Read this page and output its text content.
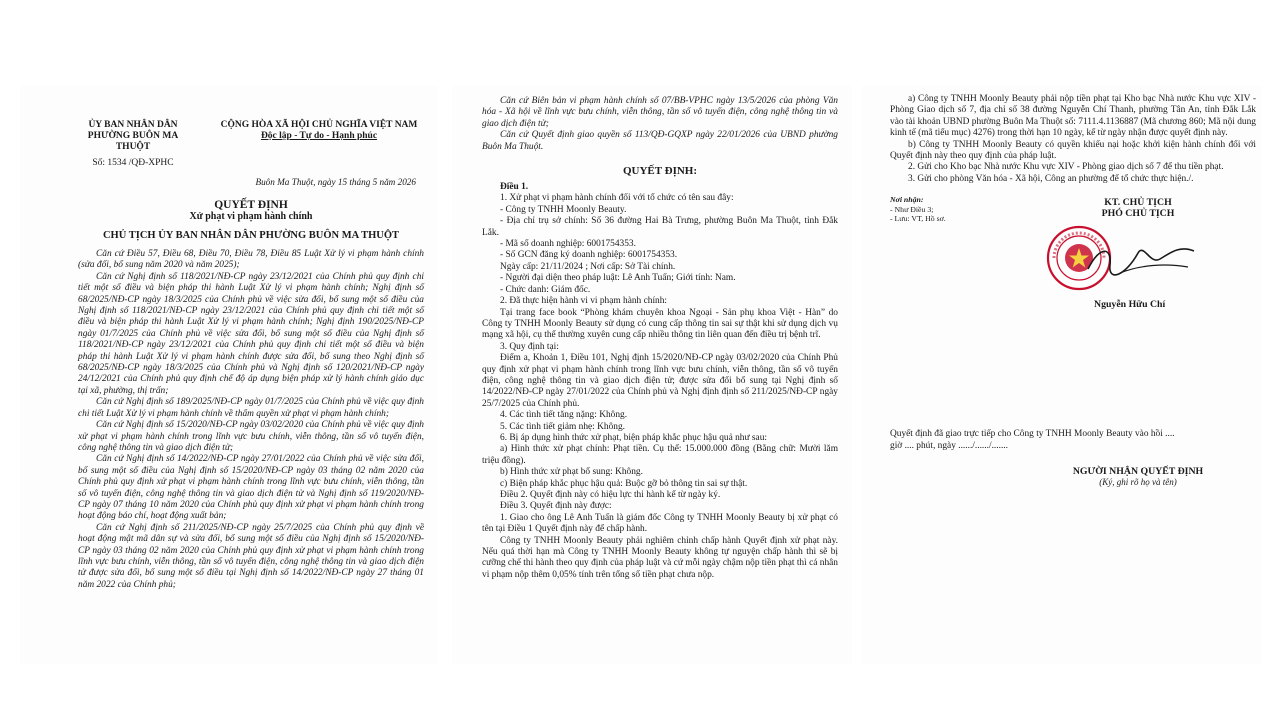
ỦY BAN NHÂN DÂN

PHƯỜNG BUÔN MA THUỘT

Số: 1534 /QĐ-XPHC

CỘNG HÒA XÃ HỘI CHỦ NGHĨA VIỆT NAM

Độc lập - Tự do - Hạnh phúc

Buôn Ma Thuột, ngày 15 tháng 5 năm 2026

QUYẾT ĐỊNH

Xử phạt vi phạm hành chính

CHỦ TỊCH ỦY BAN NHÂN DÂN PHƯỜNG BUÔN MA THUỘT

Căn cứ Điều 57, Điều 68, Điều 70, Điều 78, Điều 85 Luật Xử lý vi phạm hành chính (sửa đổi, bổ sung năm 2020 và năm 2025);

Căn cứ Nghị định số 118/2021/NĐ-CP ngày 23/12/2021 của Chính phủ quy định chi tiết một số điều và biện pháp thi hành Luật Xử lý vi phạm hành chính; Nghị định số 68/2025/NĐ-CP ngày 18/3/2025 của Chính phủ về việc sửa đổi, bổ sung một số điều của Nghị định số 118/2021/NĐ-CP ngày 23/12/2021 của Chính phủ quy định chi tiết một số điều và biện pháp thi hành Luật Xử lý vi phạm hành chính; Nghị định 190/2025/NĐ-CP ngày 01/7/2025 của Chính phủ về việc sửa đổi, bổ sung một số điều của Nghị định số 118/2021/NĐ-CP ngày 23/12/2021 của Chính phủ quy định chi tiết một số điều và biện pháp thi hành Luật Xử lý vi phạm hành chính được sửa đổi, bổ sung theo Nghị định số 68/2025/NĐ-CP ngày 18/3/2025 của Chính phủ và Nghị định số 120/2021/NĐ-CP ngày 24/12/2021 của Chính phủ quy định chế độ áp dụng biện pháp xử lý hành chính giáo dục tại xã, phường, thị trấn;

Căn cứ Nghị định số 189/2025/NĐ-CP ngày 01/7/2025 của Chính phủ về việc quy định chi tiết Luật Xử lý vi phạm hành chính về thẩm quyền xử phạt vi phạm hành chính;

Căn cứ Nghị định số 15/2020/NĐ-CP ngày 03/02/2020 của Chính phủ về việc quy định xử phạt vi phạm hành chính trong lĩnh vực bưu chính, viễn thông, tần số vô tuyến điện, công nghệ thông tin và giao dịch điện tử;

Căn cứ Nghị định số 14/2022/NĐ-CP ngày 27/01/2022 của Chính phủ về việc sửa đổi, bổ sung một số điều của Nghị định số 15/2020/NĐ-CP ngày 03 tháng 02 năm 2020 của Chính phủ quy định xử phạt vi phạm hành chính trong lĩnh vực bưu chính, viễn thông, tần số vô tuyến điện, công nghệ thông tin và giao dịch điện tử và Nghị định số 119/2020/NĐ-CP ngày 07 tháng 10 năm 2020 của Chính phủ quy định xử phạt vi phạm hành chính trong hoạt động báo chí, hoạt động xuất bản;

Căn cứ Nghị định số 211/2025/NĐ-CP ngày 25/7/2025 của Chính phủ quy định về hoạt động mật mã dân sự và sửa đổi, bổ sung một số điều của Nghị định số 15/2020/NĐ-CP ngày 03 tháng 02 năm 2020 của Chính phủ quy định xử phạt vi phạm hành chính trong lĩnh vực bưu chính, viễn thông, tần số vô tuyến điện, công nghệ thông tin và giao dịch điện tử được sửa đổi, bổ sung một số điều tại Nghị định số 14/2022/NĐ-CP ngày 27 tháng 01 năm 2022 của Chính phủ;

Căn cứ Biên bản vi phạm hành chính số 07/BB-VPHC ngày 13/5/2026 của phòng Văn hóa - Xã hội về lĩnh vực bưu chính, viễn thông, tần số vô tuyến điện, công nghệ thông tin và giao dịch điện tử;

Căn cứ Quyết định giao quyền số 113/QĐ-GQXP ngày 22/01/2026 của UBND phường Buôn Ma Thuột.

QUYẾT ĐỊNH:

Điều 1.

1. Xử phạt vi phạm hành chính đối với tổ chức có tên sau đây:

- Công ty TNHH Moonly Beauty.

- Địa chỉ trụ sở chính: Số 36 đường Hai Bà Trưng, phường Buôn Ma Thuột, tỉnh Đắk Lắk.

- Mã số doanh nghiệp: 6001754353.

- Số GCN đăng ký doanh nghiệp: 6001754353.

Ngày cấp: 21/11/2024 ; Nơi cấp: Sở Tài chính.

- Người đại diện theo pháp luật: Lê Anh Tuấn; Giới tính: Nam.

- Chức danh: Giám đốc.

2. Đã thực hiện hành vi vi phạm hành chính:

Tại trang face book “Phòng khám chuyên khoa Ngoại - Sản phụ khoa Việt - Hàn” do Công ty TNHH Moonly Beauty sử dụng có cung cấp thông tin sai sự thật khi sử dụng dịch vụ mạng xã hội, cụ thể thường xuyên cung cấp nhiều thông tin liên quan đến điều trị bệnh trĩ.

3. Quy định tại:

Điểm a, Khoản 1, Điều 101, Nghị định 15/2020/NĐ-CP ngày 03/02/2020 của Chính Phủ quy định xử phạt vi phạm hành chính trong lĩnh vực bưu chính, viễn thông, tần số vô tuyến điện, công nghệ thông tin và giao dịch điện tử; được sửa đổi bổ sung tại Nghị định số 14/2022/NĐ-CP ngày 27/01/2022 của Chính phủ và Nghị định định số 211/2025/NĐ-CP ngày 25/7/2025 của Chính phủ.

4. Các tình tiết tăng nặng: Không.

5. Các tình tiết giảm nhẹ: Không.

6. Bị áp dụng hình thức xử phạt, biện pháp khắc phục hậu quả như sau:

a) Hình thức xử phạt chính: Phạt tiền. Cụ thể: 15.000.000 đồng (Bằng chữ: Mười lăm triệu đồng).

b) Hình thức xử phạt bổ sung: Không.

c) Biện pháp khắc phục hậu quả: Buộc gỡ bỏ thông tin sai sự thật.

Điều 2. Quyết định này có hiệu lực thi hành kể từ ngày ký.

Điều 3. Quyết định này được:

1. Giao cho ông Lê Anh Tuấn là giám đốc Công ty TNHH Moonly Beauty bị xử phạt có tên tại Điều 1 Quyết định này để chấp hành.

Công ty TNHH Moonly Beauty phải nghiêm chỉnh chấp hành Quyết định xử phạt này. Nếu quá thời hạn mà Công ty TNHH Moonly Beauty không tự nguyện chấp hành thì sẽ bị cưỡng chế thi hành theo quy định của pháp luật và cứ mỗi ngày chậm nộp tiền phạt thì cá nhân vi phạm nộp thêm 0,05% tính trên tổng số tiền phạt chưa nộp.

a) Công ty TNHH Moonly Beauty phải nộp tiền phạt tại Kho bạc Nhà nước Khu vực XIV - Phòng Giao dịch số 7, địa chỉ số 38 đường Nguyễn Chí Thanh, phường Tân An, tỉnh Đắk Lắk vào tài khoản UBND phường Buôn Ma Thuột số: 7111.4.1136887 (Mã chương 860; Mã nội dung kinh tế (mã tiểu mục) 4276) trong thời hạn 10 ngày, kể từ ngày nhận được quyết định này.

b) Công ty TNHH Moonly Beauty có quyền khiếu nại hoặc khởi kiện hành chính đối với Quyết định này theo quy định của pháp luật.

2. Gửi cho Kho bạc Nhà nước Khu vực XIV - Phòng giao dịch số 7 để thu tiền phạt.

3. Gửi cho phòng Văn hóa - Xã hội, Công an phường để tổ chức thực hiện./.

Nơi nhận:

- Như Điều 3;

- Lưu: VT, Hồ sơ.

KT. CHỦ TỊCH

PHÓ CHỦ TỊCH

Nguyễn Hữu Chí

Quyết định đã giao trực tiếp cho Công ty TNHH Moonly Beauty vào hồi ....

giờ .... phút, ngày ....../....../.......

NGƯỜI NHẬN QUYẾT ĐỊNH

(Ký, ghi rõ họ và tên)
